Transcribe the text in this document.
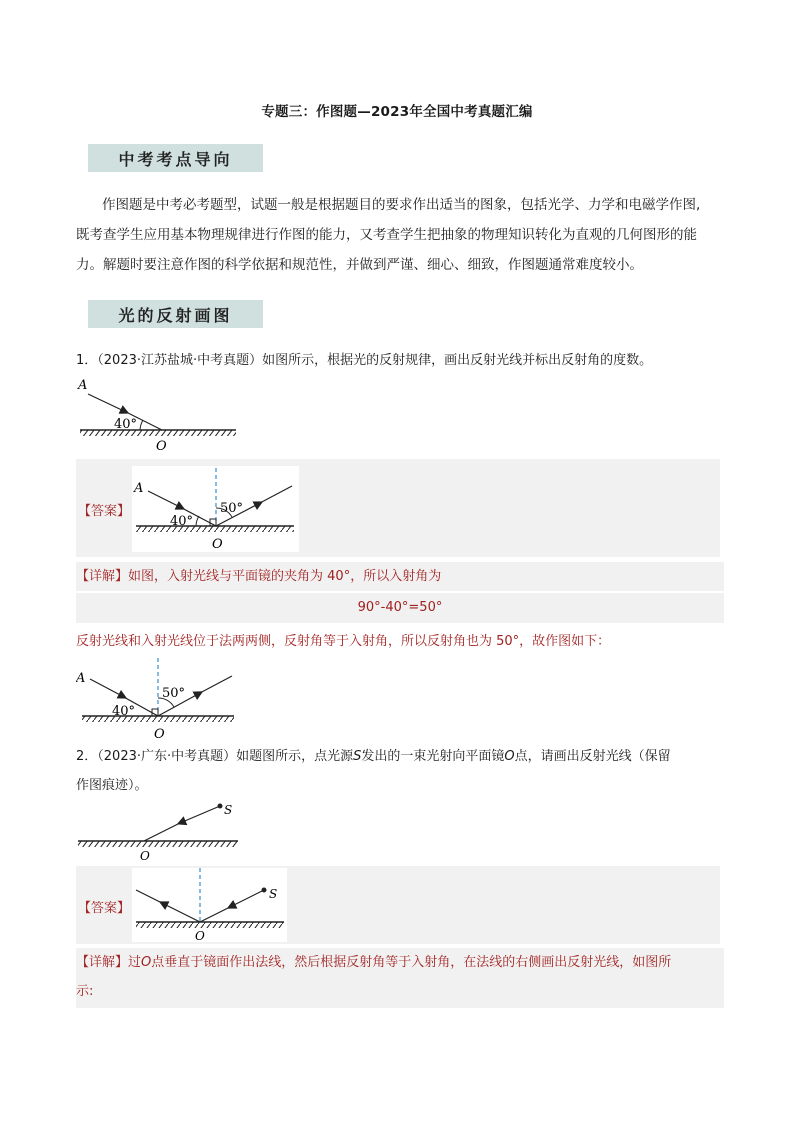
专题三：作图题—2023年全国中考真题汇编
中考考点导向
作图题是中考必考题型，试题一般是根据题目的要求作出适当的图象，包括光学、力学和电磁学作图,
既考查学生应用基本物理规律进行作图的能力，又考查学生把抽象的物理知识转化为直观的几何图形的能
力。解题时要注意作图的科学依据和规范性，并做到严谨、细心、细致，作图题通常难度较小。
光的反射画图
1．（2023·江苏盐城·中考真题）如图所示，根据光的反射规律，画出反射光线并标出反射角的度数。
A
40°
O
【答案】
A
50°
40°
O
【详解】如图，入射光线与平面镜的夹角为 40°，所以入射角为
90°-40°=50°
反射光线和入射光线位于法两两侧，反射角等于入射角，所以反射角也为 50°，故作图如下：
A
50°
40°
O
2．（2023·广东·中考真题）如题图所示，点光源S发出的一束光射向平面镜O点，请画出反射光线（保留
作图痕迹）。
S
O
【答案】
S
O
【详解】过O点垂直于镜面作出法线，然后根据反射角等于入射角，在法线的右侧画出反射光线，如图所
示:
